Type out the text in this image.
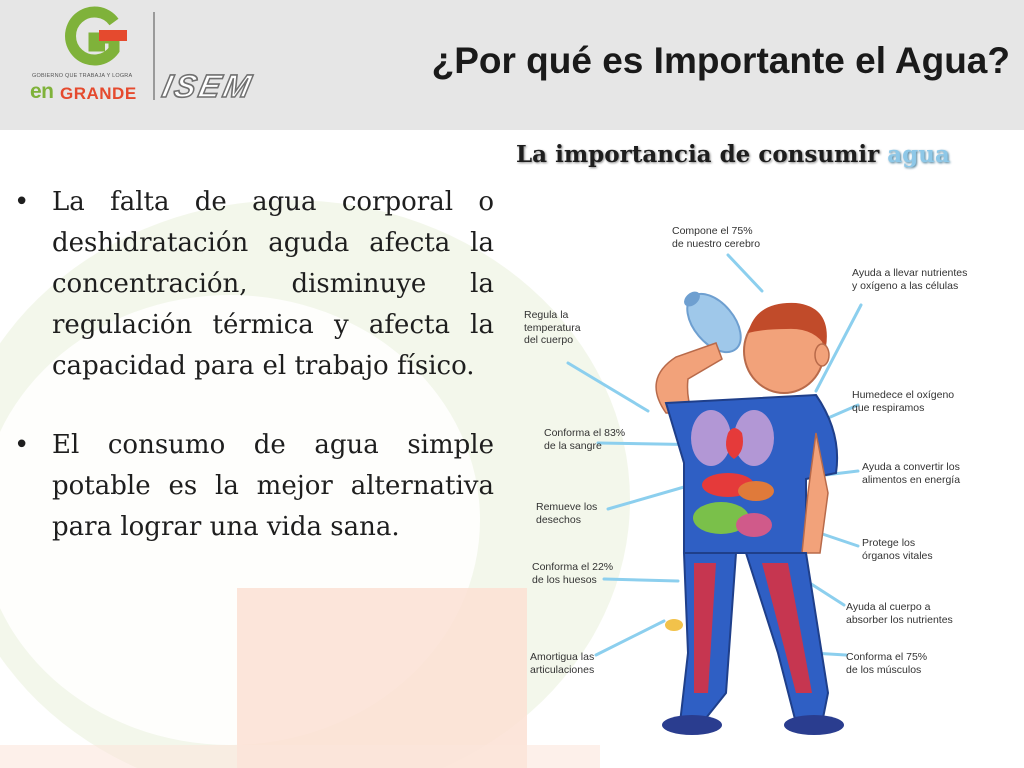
GOBIERNO QUE TRABAJA Y LOGRA
en GRANDE ISEM
¿Por qué es Importante el Agua?
• La falta de agua corporal o deshidratación aguda afecta la concentración, disminuye la regulación térmica y afecta la capacidad para el trabajo físico.
• El consumo de agua simple potable es la mejor alternativa para lograr una vida sana.
La importancia de consumir agua
Compone el 75%
de nuestro cerebro
Ayuda a llevar nutrientes
y oxígeno a las células
Regula la
temperatura
del cuerpo
Humedece el oxígeno
que respiramos
Conforma el 83%
de la sangre
Ayuda a convertir los
alimentos en energía
Remueve los
desechos
Protege los
órganos vitales
Conforma el 22%
de los huesos
Ayuda al cuerpo a
absorber los nutrientes
Amortigua las
articulaciones
Conforma el 75%
de los músculos
